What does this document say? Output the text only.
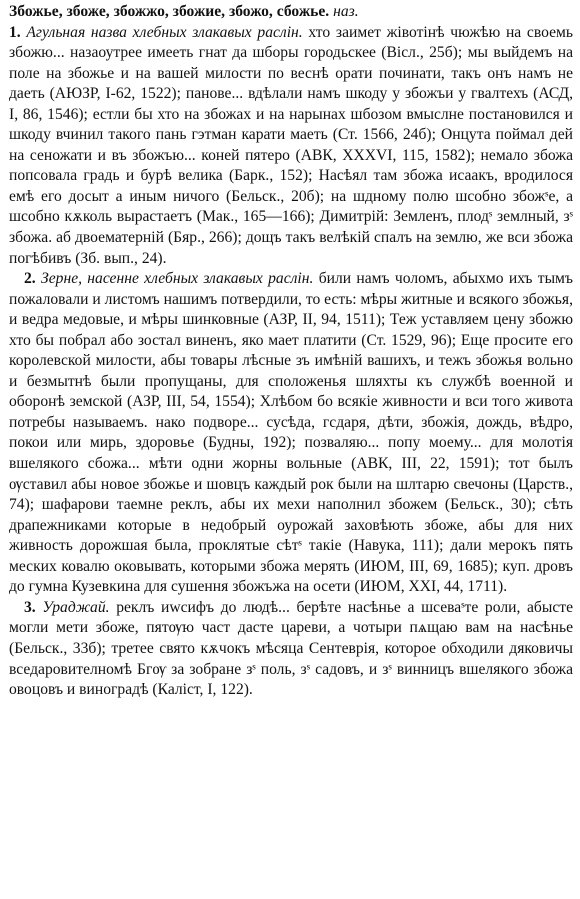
Збожье, збоже, збожжо, збожие, збожо, сбожье. наз.
1. Агульная назва хлебных злакавых раслін. хто заимет жівотінѣ чюжѣю на своемь збожю... назаоутрее имееть гнат да шборы городьскее (Вісл., 25б); мы выйдемъ на поле на збожье и на вашей милости по веснѣ орати починати, такъ онъ намъ не даеть (АЮЗР, І-62, 1522); панове... вдѣлали намъ шкоду у збожъи у гвалтехъ (АСД, I, 86, 1546); естли бы хто на збожах и на нарынах шбозом вмыслне постановился и шкоду вчинил такого пань гэтман карати маеть (Ст. 1566, 24б); Онцута поймал дей на сеножати и въ збожъю... коней пятеро (АВК, XXXVI, 115, 1582); немало збожа попсовала градь и бурѣ велика (Барк., 152); Насѣял там збожа исаакъ, вродилося емѣ его досыт а иным ничого (Бельск., 20б); на шдному полю шсобно збожˢе, а шсобно кѫколь вырастаетъ (Мак., 165—166); Димитрій: Земленъ, плодˢ землный, зˢ збожа. аб двоематерній (Бяр., 266); дощъ такъ велѣкій спалъ на землю, же вси збожа погѣбивъ (Зб. вып., 24).

2. Зерне, насенне хлебных злакавых раслін. били намъ чоломъ, абыхмо ихъ тымъ пожаловали и листомъ нашимъ потвердили, то есть: мѣры житные и всякого збожья, и ведра медовые, и мѣры шинковные (АЗР, II, 94, 1511); Теж уставляем цену збожю хто бы побрал або зостал виненъ, яко мает платити (Ст. 1529, 96); Еще просите его королевской милости, абы товары лѣсные зъ имѣній вашихъ, и тежъ збожья вольно и безмытнѣ были пропущаны, для сположенья шляхты къ службѣ военной и оборонѣ земской (АЗР, III, 54, 1554); Хлѣбом бо всякіе живности и вси того живота потребы называемъ. нако подворе... сусѣда, гсдаря, дѣти, збожія, дождь, вѣдро, покои или мирь, здоровье (Будны, 192); позваляю... попу моему... для молотія вшелякого сбожа... мѣти одни жорны вольные (АВК, III, 22, 1591); тот былъ ѹставил абы новое збожье и шовцъ каждый рок были на шлтарю свечоны (Царств., 74); шафарови таемне реклъ, абы их мехи наполнил збожем (Бельск., 30); сѣть драпежниками которые в недобрый оурожай заховѣють збоже, абы для них живность дорожшая была, проклятые сѣтˢ такіе (Навука, 111); дали мерокъ пять меских ковалю оковывать, которыми збожа мерять (ИЮМ, III, 69, 1685); куп. дровъ до гумна Кузевкина для сушення збожъжа на осети (ИЮМ, XXI, 44, 1711).

3. Ураджай. реклъ иwсифъ до людѣ... берѣте насѣнье а шсеваˢте роли, абысте могли мети збоже, пятѹю част дасте цареви, а чотыри пѧщаю вам на насѣнье (Бельск., 33б); третее свято кѫчокъ мѣсяца Сентеврія, которое обходили дяковичы вседаровителномѣ Бгѹ за зобране зˢ поль, зˢ садовъ, и зˢ винницъ вшелякого збожа овоцовъ и виноградѣ (Каліст, I, 122).
